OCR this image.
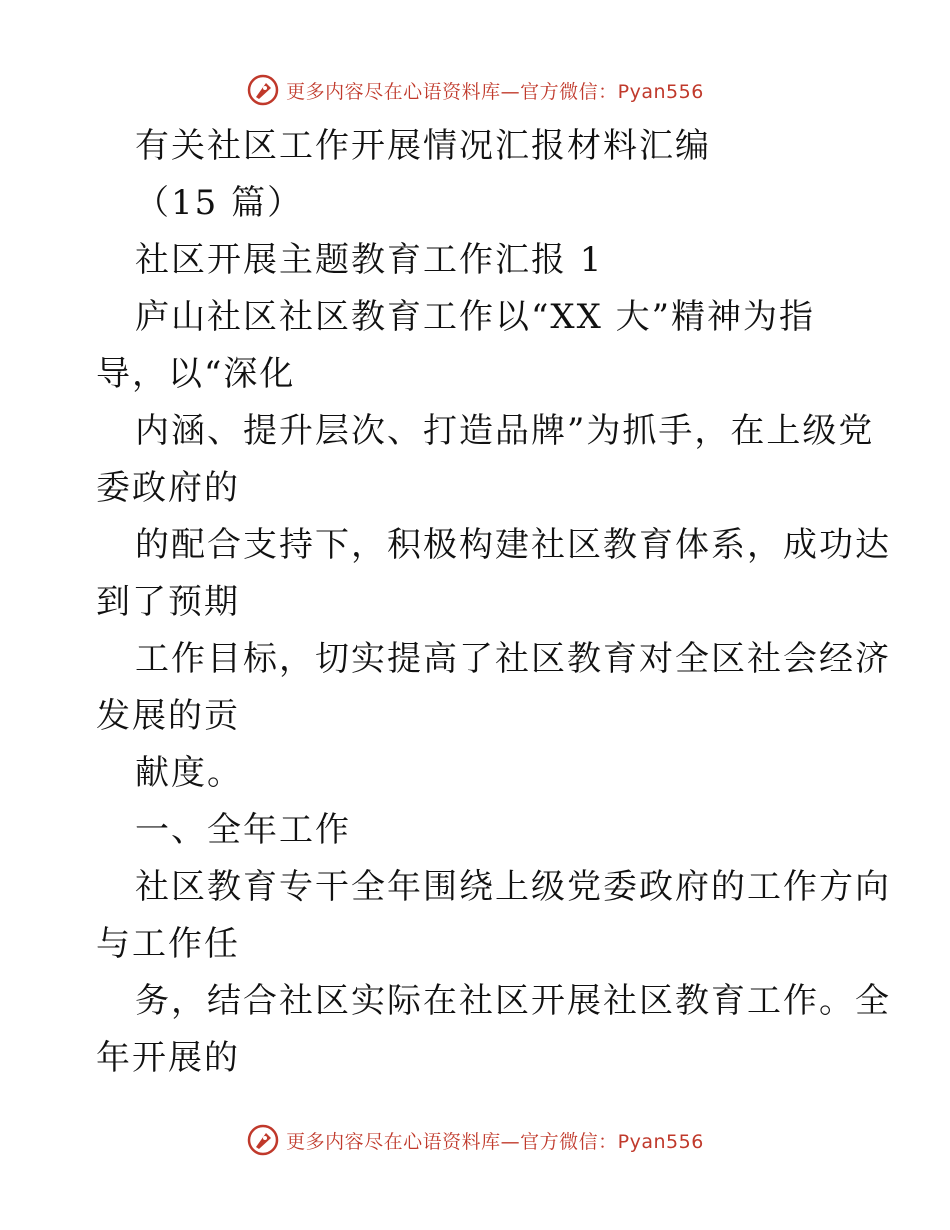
更多内容尽在心语资料库—官方微信：Pyan556
有关社区工作开展情况汇报材料汇编
（15 篇）
社区开展主题教育工作汇报 1
庐山社区社区教育工作以“XX 大”精神为指
导，以“深化
内涵、提升层次、打造品牌”为抓手，在上级党
委政府的
的配合支持下，积极构建社区教育体系，成功达
到了预期
工作目标，切实提高了社区教育对全区社会经济
发展的贡
献度。
一、全年工作
社区教育专干全年围绕上级党委政府的工作方向
与工作任
务，结合社区实际在社区开展社区教育工作。全
年开展的
更多内容尽在心语资料库—官方微信：Pyan556
